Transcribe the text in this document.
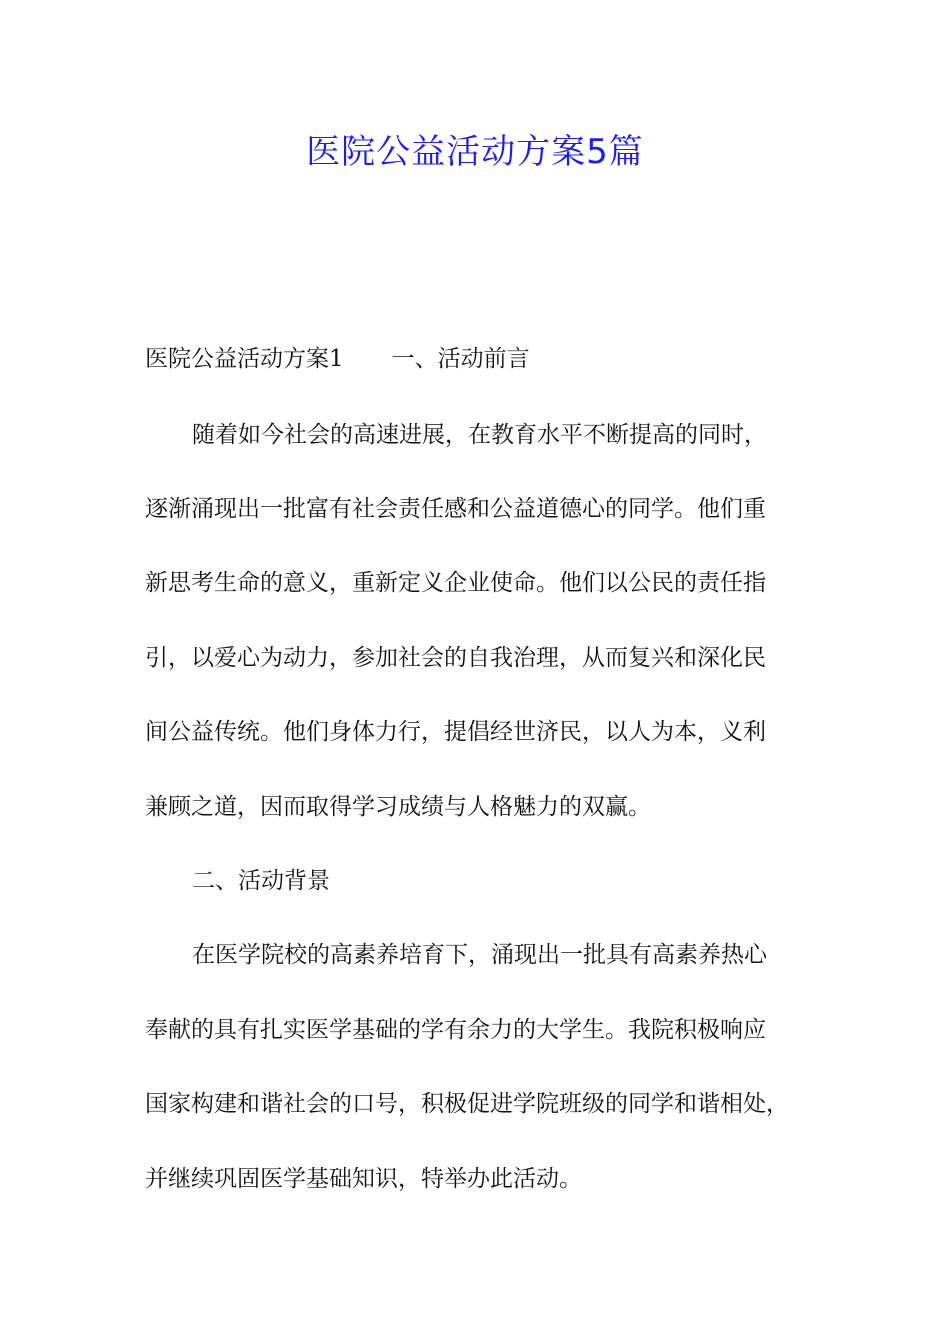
医院公益活动方案5篇
医院公益活动方案1 一、活动前言
随着如今社会的高速进展，在教育水平不断提高的同时，
逐渐涌现出一批富有社会责任感和公益道德心的同学。他们重
新思考生命的意义，重新定义企业使命。他们以公民的责任指
引，以爱心为动力，参加社会的自我治理，从而复兴和深化民
间公益传统。他们身体力行，提倡经世济民，以人为本，义利
兼顾之道，因而取得学习成绩与人格魅力的双赢。
二、活动背景
在医学院校的高素养培育下，涌现出一批具有高素养热心
奉献的具有扎实医学基础的学有余力的大学生。我院积极响应
国家构建和谐社会的口号，积极促进学院班级的同学和谐相处，
并继续巩固医学基础知识，特举办此活动。
